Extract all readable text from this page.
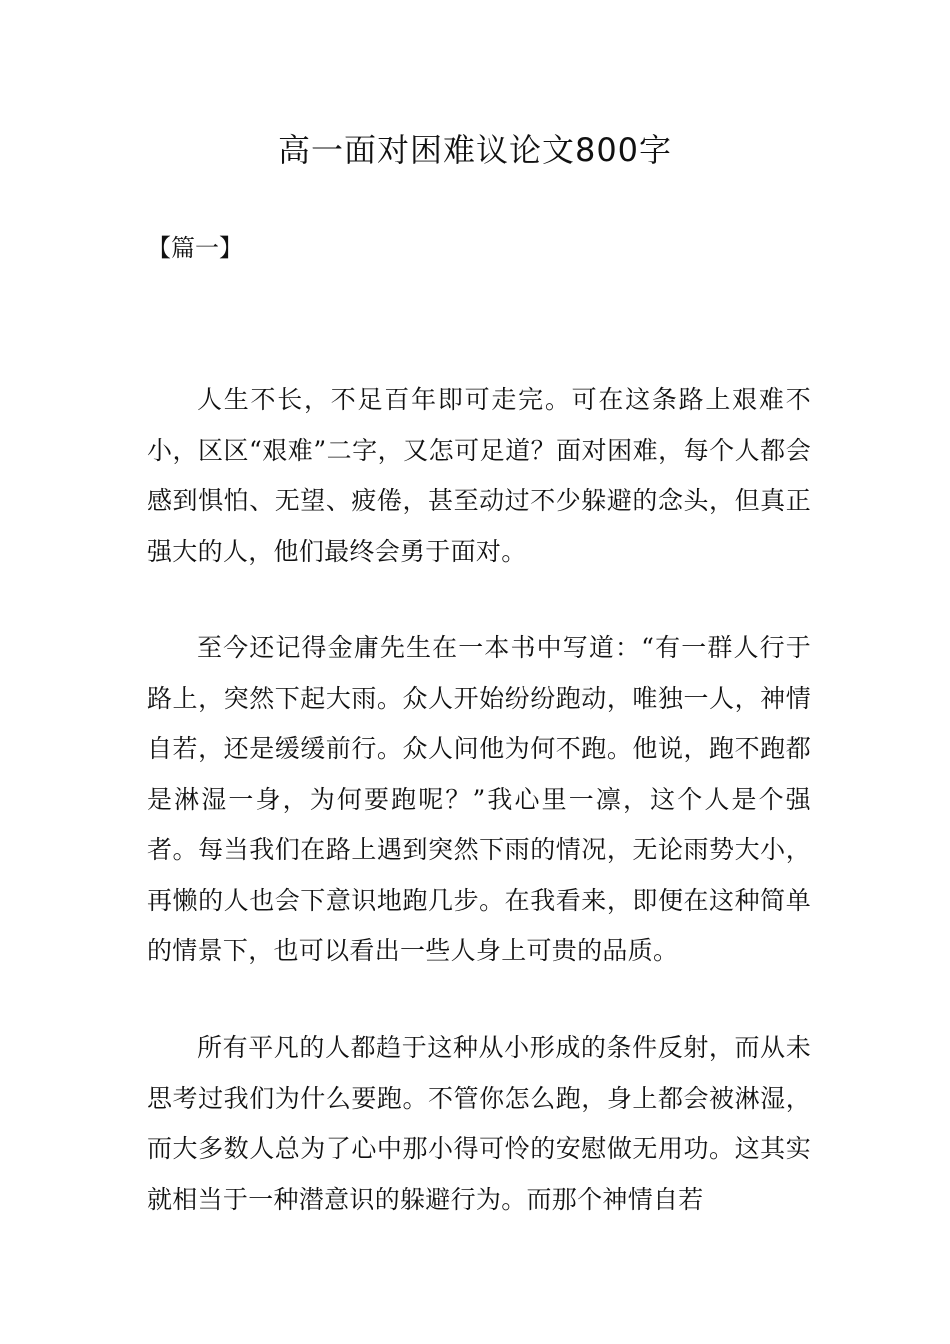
高一面对困难议论文800字
【篇一】

人生不长，不足百年即可走完。可在这条路上艰难不小，区区“艰难”二字，又怎可足道？面对困难，每个人都会感到惧怕、无望、疲倦，甚至动过不少躲避的念头，但真正强大的人，他们最终会勇于面对。

至今还记得金庸先生在一本书中写道：“有一群人行于路上，突然下起大雨。众人开始纷纷跑动，唯独一人，神情自若，还是缓缓前行。众人问他为何不跑。他说，跑不跑都是淋湿一身，为何要跑呢？”我心里一凛，这个人是个强者。每当我们在路上遇到突然下雨的情况，无论雨势大小，再懒的人也会下意识地跑几步。在我看来，即便在这种简单的情景下，也可以看出一些人身上可贵的品质。

所有平凡的人都趋于这种从小形成的条件反射，而从未思考过我们为什么要跑。不管你怎么跑，身上都会被淋湿，而大多数人总为了心中那小得可怜的安慰做无用功。这其实就相当于一种潜意识的躲避行为。而那个神情自若
